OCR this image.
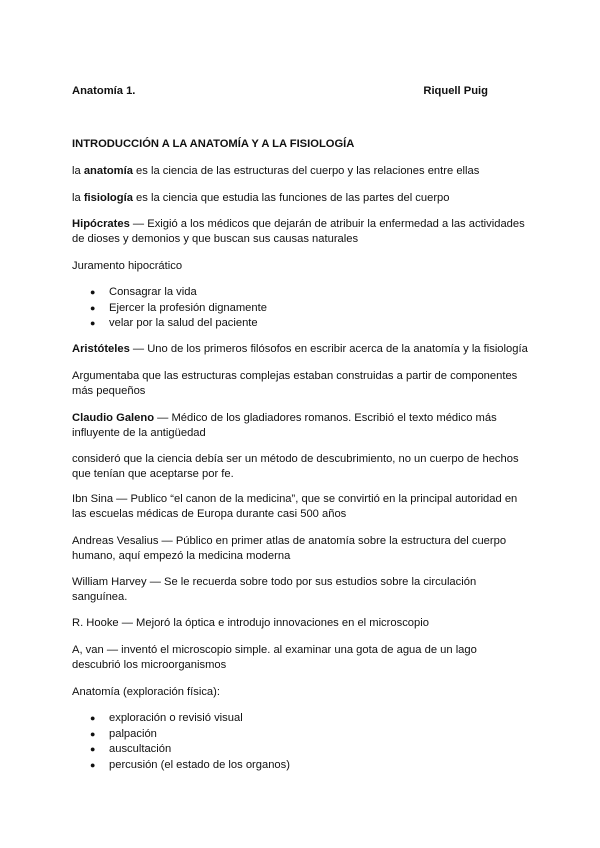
Anatomía 1.	Riquell Puig

INTRODUCCIÓN A LA ANATOMÍA Y A LA FISIOLOGÍA

la anatomía es la ciencia de las estructuras del cuerpo y las relaciones entre ellas

la fisiología es la ciencia que estudia las funciones de las partes del cuerpo

Hipócrates — Exigió a los médicos que dejarán de atribuir la enfermedad a las actividades de dioses y demonios y que buscan sus causas naturales

Juramento hipocrático

● Consagrar la vida
● Ejercer la profesión dignamente
● velar por la salud del paciente

Aristóteles — Uno de los primeros filósofos en escribir acerca de la anatomía y la fisiología

Argumentaba que las estructuras complejas estaban construidas a partir de componentes más pequeños

Claudio Galeno — Médico de los gladiadores romanos. Escribió el texto médico más influyente de la antigüedad

consideró que la ciencia debía ser un método de descubrimiento, no un cuerpo de hechos que tenían que aceptarse por fe.

Ibn Sina — Publico “el canon de la medicina”, que se convirtió en la principal autoridad en las escuelas médicas de Europa durante casi 500 años

Andreas Vesalius — Público en primer atlas de anatomía sobre la estructura del cuerpo humano, aquí empezó la medicina moderna

William Harvey — Se le recuerda sobre todo por sus estudios sobre la circulación sanguínea.

R. Hooke — Mejoró la óptica e introdujo innovaciones en el microscopio

A, van — inventó el microscopio simple. al examinar una gota de agua de un lago descubrió los microorganismos

Anatomía (exploración física):

● exploración o revisió visual
● palpación
● auscultación
● percusión (el estado de los organos)
